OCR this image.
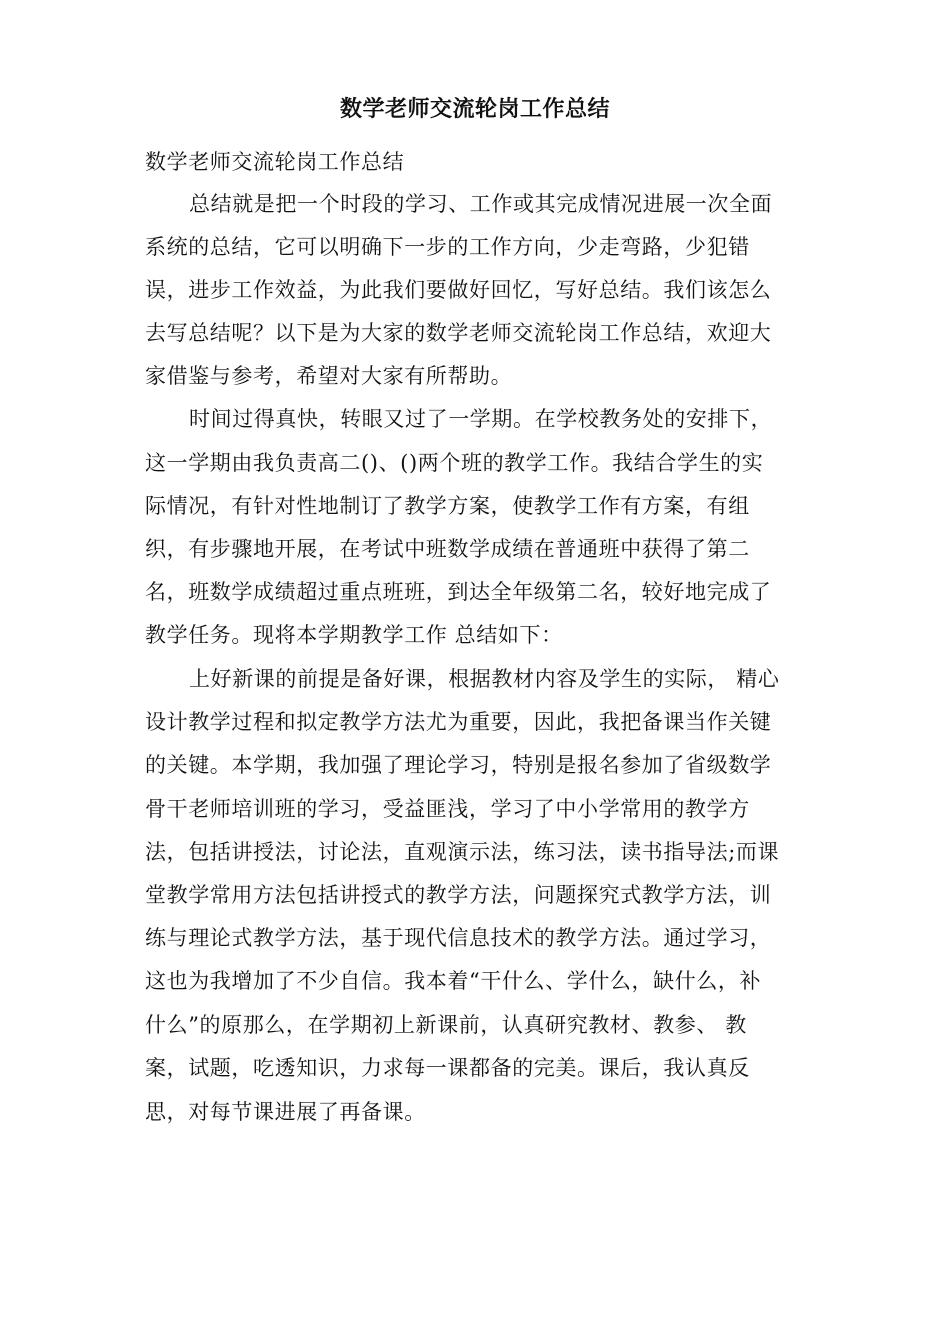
数学老师交流轮岗工作总结
数学老师交流轮岗工作总结
总结就是把一个时段的学习、工作或其完成情况进展一次全面
系统的总结，它可以明确下一步的工作方向，少走弯路，少犯错
误，进步工作效益，为此我们要做好回忆，写好总结。我们该怎么
去写总结呢？以下是为大家的数学老师交流轮岗工作总结，欢迎大
家借鉴与参考，希望对大家有所帮助。
时间过得真快，转眼又过了一学期。在学校教务处的安排下，
这一学期由我负责高二()、()两个班的教学工作。我结合学生的实
际情况，有针对性地制订了教学方案，使教学工作有方案，有组
织，有步骤地开展，在考试中班数学成绩在普通班中获得了第二
名，班数学成绩超过重点班班，到达全年级第二名，较好地完成了
教学任务。现将本学期教学工作 总结如下：
上好新课的前提是备好课，根据教材内容及学生的实际， 精心
设计教学过程和拟定教学方法尤为重要，因此，我把备课当作关键
的关键。本学期，我加强了理论学习，特别是报名参加了省级数学
骨干老师培训班的学习，受益匪浅，学习了中小学常用的教学方
法，包括讲授法，讨论法，直观演示法，练习法，读书指导法;而课
堂教学常用方法包括讲授式的教学方法，问题探究式教学方法，训
练与理论式教学方法，基于现代信息技术的教学方法。通过学习，
这也为我增加了不少自信。我本着“干什么、学什么，缺什么，补
什么”的原那么，在学期初上新课前，认真研究教材、教参、 教
案，试题，吃透知识，力求每一课都备的完美。课后，我认真反
思，对每节课进展了再备课。
